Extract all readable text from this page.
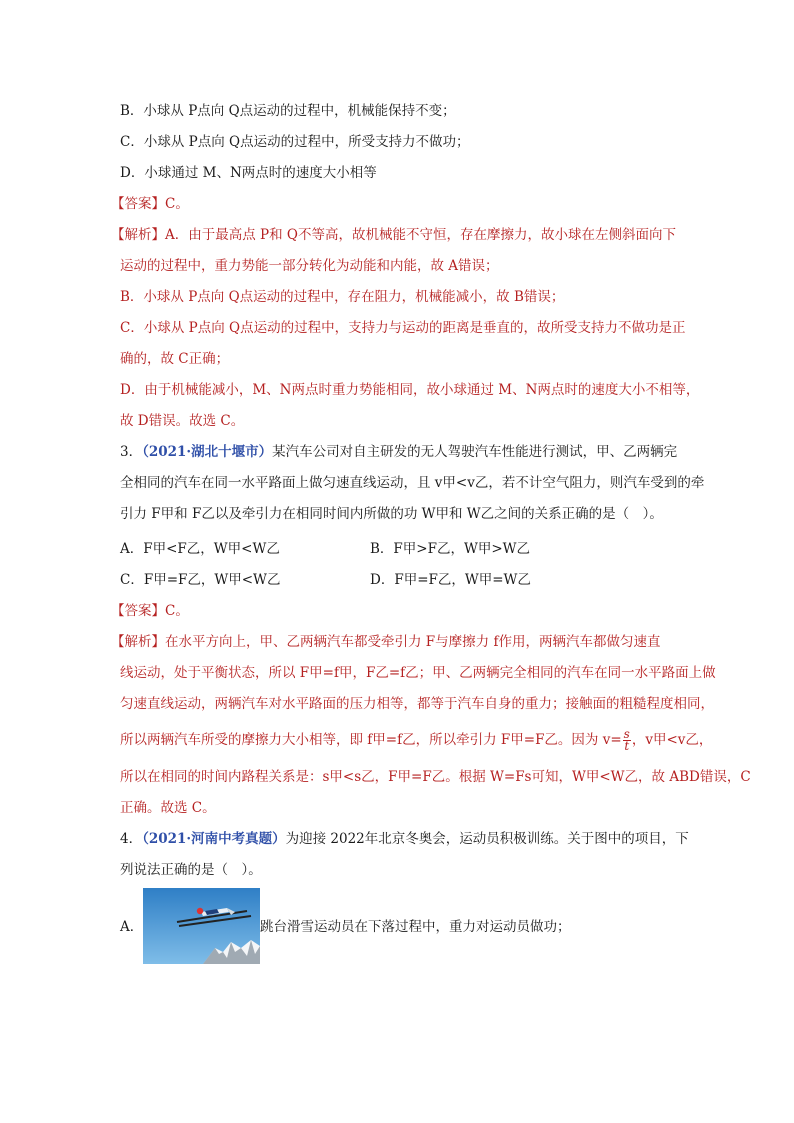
B．小球从 P点向 Q点运动的过程中，机械能保持不变；
C．小球从 P点向 Q点运动的过程中，所受支持力不做功；
D．小球通过 M、N两点时的速度大小相等
【答案】C。
【解析】A．由于最高点 P和 Q不等高，故机械能不守恒，存在摩擦力，故小球在左侧斜面向下
运动的过程中，重力势能一部分转化为动能和内能，故 A错误；
B．小球从 P点向 Q点运动的过程中，存在阻力，机械能减小，故 B错误；
C．小球从 P点向 Q点运动的过程中，支持力与运动的距离是垂直的，故所受支持力不做功是正
确的，故 C正确；
D．由于机械能减小，M、N两点时重力势能相同，故小球通过 M、N两点时的速度大小不相等，
故 D错误。故选 C。
3．（2021·湖北十堰市）某汽车公司对自主研发的无人驾驶汽车性能进行测试，甲、乙两辆完
全相同的汽车在同一水平路面上做匀速直线运动，且 v甲<v乙，若不计空气阻力，则汽车受到的牵
引力 F甲和 F乙以及牵引力在相同时间内所做的功 W甲和 W乙之间的关系正确的是（　）。
A．F甲<F乙，W甲<W乙	B．F甲>F乙，W甲>W乙
C．F甲=F乙，W甲<W乙	D．F甲=F乙，W甲=W乙
【答案】C。
【解析】在水平方向上，甲、乙两辆汽车都受牵引力 F与摩擦力 f作用，两辆汽车都做匀速直
线运动，处于平衡状态，所以 F甲=f甲，F乙=f乙；甲、乙两辆完全相同的汽车在同一水平路面上做
匀速直线运动，两辆汽车对水平路面的压力相等，都等于汽车自身的重力；接触面的粗糙程度相同，
所以两辆汽车所受的摩擦力大小相等，即 f甲=f乙，所以牵引力 F甲=F乙。因为 $v= \frac{s}{t}$ ，v甲<v乙，
所以在相同的时间内路程关系是：s甲<s乙，F甲=F乙。根据 W=Fs可知，W甲<W乙，故 ABD错误，C
正确。故选 C。
4．（2021·河南中考真题）为迎接 2022年北京冬奥会，运动员积极训练。关于图中的项目，下
列说法正确的是（　）。
A．	跳台滑雪运动员在下落过程中，重力对运动员做功；
